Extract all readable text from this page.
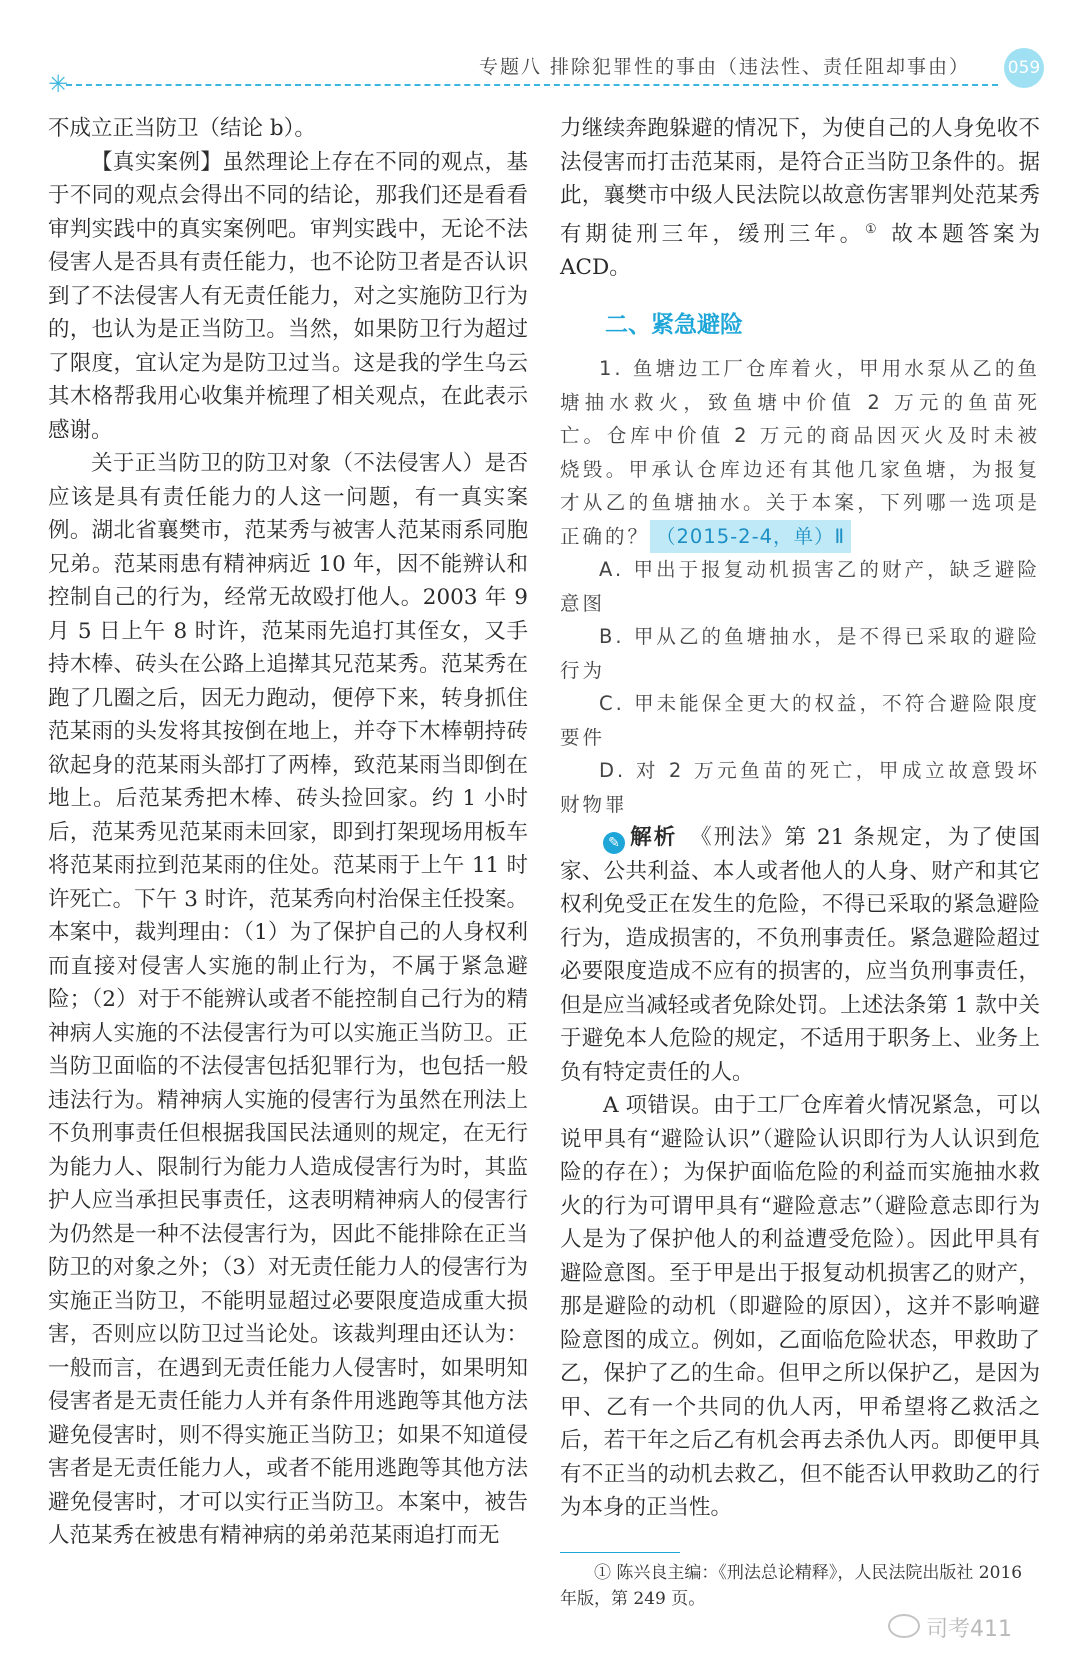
✳
专题八 排除犯罪性的事由（违法性、责任阻却事由） 059

不成立正当防卫（结论 b）。

【真实案例】虽然理论上存在不同的观点，基于不同的观点会得出不同的结论，那我们还是看看审判实践中的真实案例吧。审判实践中，无论不法侵害人是否具有责任能力，也不论防卫者是否认识到了不法侵害人有无责任能力，对之实施防卫行为的，也认为是正当防卫。当然，如果防卫行为超过了限度，宜认定为是防卫过当。这是我的学生乌云其木格帮我用心收集并梳理了相关观点，在此表示感谢。

关于正当防卫的防卫对象（不法侵害人）是否应该是具有责任能力的人这一问题，有一真实案例。湖北省襄樊市，范某秀与被害人范某雨系同胞兄弟。范某雨患有精神病近 10 年，因不能辨认和控制自己的行为，经常无故殴打他人。2003 年 9 月 5 日上午 8 时许，范某雨先追打其侄女，又手持木棒、砖头在公路上追撵其兄范某秀。范某秀在跑了几圈之后，因无力跑动，便停下来，转身抓住范某雨的头发将其按倒在地上，并夺下木棒朝持砖欲起身的范某雨头部打了两棒，致范某雨当即倒在地上。后范某秀把木棒、砖头捡回家。约 1 小时后，范某秀见范某雨未回家，即到打架现场用板车将范某雨拉到范某雨的住处。范某雨于上午 11 时许死亡。下午 3 时许，范某秀向村治保主任投案。本案中，裁判理由：（1）为了保护自己的人身权利而直接对侵害人实施的制止行为，不属于紧急避险；（2）对于不能辨认或者不能控制自己行为的精神病人实施的不法侵害行为可以实施正当防卫。正当防卫面临的不法侵害包括犯罪行为，也包括一般违法行为。精神病人实施的侵害行为虽然在刑法上不负刑事责任但根据我国民法通则的规定，在无行为能力人、限制行为能力人造成侵害行为时，其监护人应当承担民事责任，这表明精神病人的侵害行为仍然是一种不法侵害行为，因此不能排除在正当防卫的对象之外；（3）对无责任能力人的侵害行为实施正当防卫，不能明显超过必要限度造成重大损害，否则应以防卫过当论处。该裁判理由还认为：一般而言，在遇到无责任能力人侵害时，如果明知侵害者是无责任能力人并有条件用逃跑等其他方法避免侵害时，则不得实施正当防卫；如果不知道侵害者是无责任能力人，或者不能用逃跑等其他方法避免侵害时，才可以实行正当防卫。本案中，被告人范某秀在被患有精神病的弟弟范某雨追打而无

力继续奔跑躲避的情况下，为使自己的人身免收不法侵害而打击范某雨，是符合正当防卫条件的。据此，襄樊市中级人民法院以故意伤害罪判处范某秀有期徒刑三年，缓刑三年。① 故本题答案为 ACD。

二、紧急避险

1. 鱼塘边工厂仓库着火，甲用水泵从乙的鱼塘抽水救火，致鱼塘中价值 2 万元的鱼苗死亡。仓库中价值 2 万元的商品因灭火及时未被烧毁。甲承认仓库边还有其他几家鱼塘，为报复才从乙的鱼塘抽水。关于本案，下列哪一选项是正确的？ （2015-2-4，单）Ⅱ

A. 甲出于报复动机损害乙的财产，缺乏避险意图

B. 甲从乙的鱼塘抽水，是不得已采取的避险行为

C. 甲未能保全更大的权益，不符合避险限度要件

D. 对 2 万元鱼苗的死亡，甲成立故意毁坏财物罪

✎ 解析　 《刑法》第 21 条规定，为了使国家、公共利益、本人或者他人的人身、财产和其它权利免受正在发生的危险，不得已采取的紧急避险行为，造成损害的，不负刑事责任。紧急避险超过必要限度造成不应有的损害的，应当负刑事责任，但是应当减轻或者免除处罚。上述法条第 1 款中关于避免本人危险的规定，不适用于职务上、业务上负有特定责任的人。

A 项错误。由于工厂仓库着火情况紧急，可以说甲具有“避险认识”（避险认识即行为人认识到危险的存在）；为保护面临危险的利益而实施抽水救火的行为可谓甲具有“避险意志”（避险意志即行为人是为了保护他人的利益遭受危险）。因此甲具有避险意图。至于甲是出于报复动机损害乙的财产，那是避险的动机（即避险的原因），这并不影响避险意图的成立。例如，乙面临危险状态，甲救助了乙，保护了乙的生命。但甲之所以保护乙，是因为甲、乙有一个共同的仇人丙，甲希望将乙救活之后，若干年之后乙有机会再去杀仇人丙。即便甲具有不正当的动机去救乙，但不能否认甲救助乙的行为本身的正当性。

① 陈兴良主编：《刑法总论精释》，人民法院出版社 2016 年版，第 249 页。
司考411
